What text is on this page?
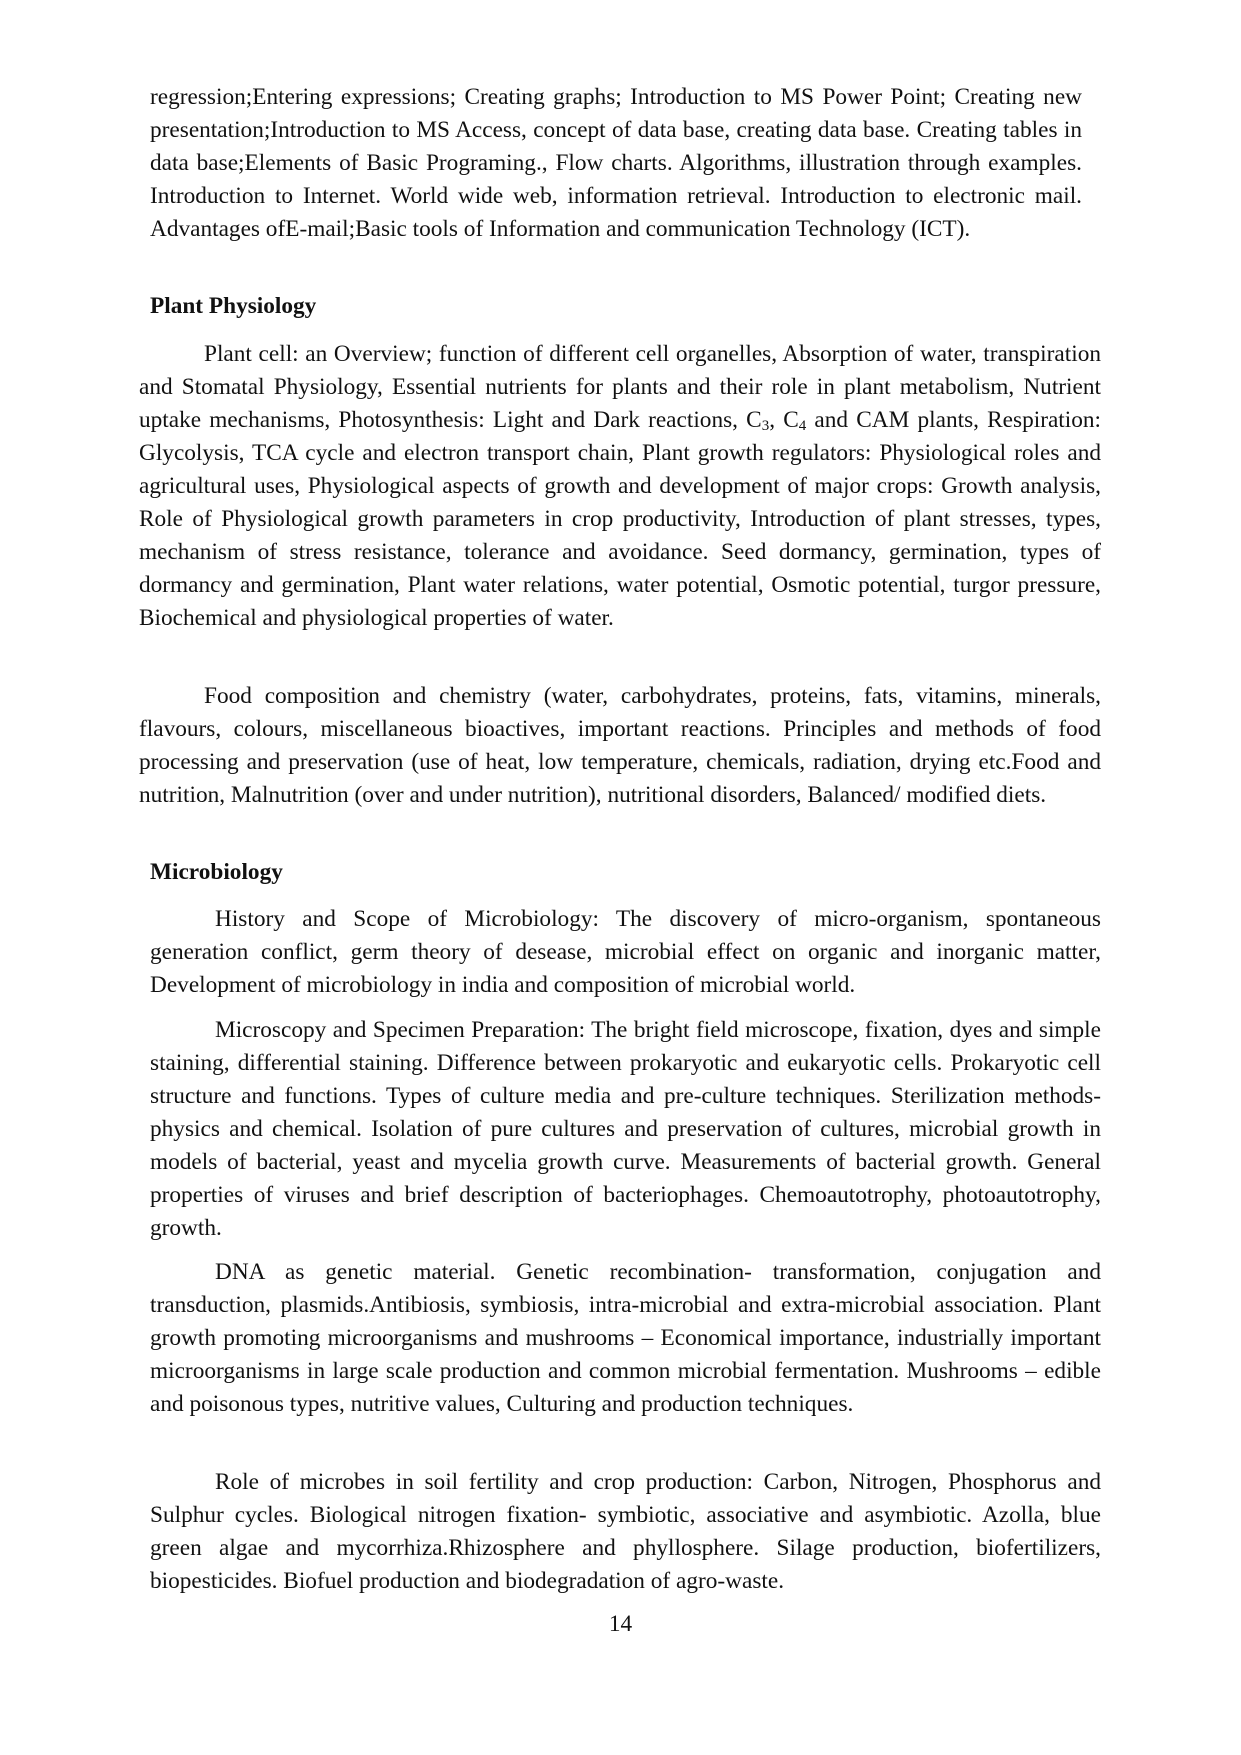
regression;Entering expressions; Creating graphs; Introduction to MS Power Point; Creating new presentation;Introduction to MS Access, concept of data base, creating data base. Creating tables in data base;Elements of Basic Programing., Flow charts. Algorithms, illustration through examples. Introduction to Internet. World wide web, information retrieval. Introduction to electronic mail. Advantages ofE-mail;Basic tools of Information and communication Technology (ICT).

Plant Physiology

Plant cell: an Overview; function of different cell organelles, Absorption of water, transpiration and Stomatal Physiology, Essential nutrients for plants and their role in plant metabolism, Nutrient uptake mechanisms, Photosynthesis: Light and Dark reactions, $C_3$, $C_4$ and CAM plants, Respiration: Glycolysis, TCA cycle and electron transport chain, Plant growth regulators: Physiological roles and agricultural uses, Physiological aspects of growth and development of major crops: Growth analysis, Role of Physiological growth parameters in crop productivity, Introduction of plant stresses, types, mechanism of stress resistance, tolerance and avoidance. Seed dormancy, germination, types of dormancy and germination, Plant water relations, water potential, Osmotic potential, turgor pressure, Biochemical and physiological properties of water.

Food composition and chemistry (water, carbohydrates, proteins, fats, vitamins, minerals, flavours, colours, miscellaneous bioactives, important reactions. Principles and methods of food processing and preservation (use of heat, low temperature, chemicals, radiation, drying etc.Food and nutrition, Malnutrition (over and under nutrition), nutritional disorders, Balanced/ modified diets.

Microbiology

History and Scope of Microbiology: The discovery of micro-organism, spontaneous generation conflict, germ theory of desease, microbial effect on organic and inorganic matter, Development of microbiology in india and composition of microbial world.

Microscopy and Specimen Preparation: The bright field microscope, fixation, dyes and simple staining, differential staining. Difference between prokaryotic and eukaryotic cells. Prokaryotic cell structure and functions. Types of culture media and pre-culture techniques. Sterilization methods- physics and chemical. Isolation of pure cultures and preservation of cultures, microbial growth in models of bacterial, yeast and mycelia growth curve. Measurements of bacterial growth. General properties of viruses and brief description of bacteriophages. Chemoautotrophy, photoautotrophy, growth.

DNA as genetic material. Genetic recombination- transformation, conjugation and transduction, plasmids.Antibiosis, symbiosis, intra-microbial and extra-microbial association. Plant growth promoting microorganisms and mushrooms – Economical importance, industrially important microorganisms in large scale production and common microbial fermentation. Mushrooms – edible and poisonous types, nutritive values, Culturing and production techniques.

Role of microbes in soil fertility and crop production: Carbon, Nitrogen, Phosphorus and Sulphur cycles. Biological nitrogen fixation- symbiotic, associative and asymbiotic. Azolla, blue green algae and mycorrhiza.Rhizosphere and phyllosphere. Silage production, biofertilizers, biopesticides. Biofuel production and biodegradation of agro-waste.

14
